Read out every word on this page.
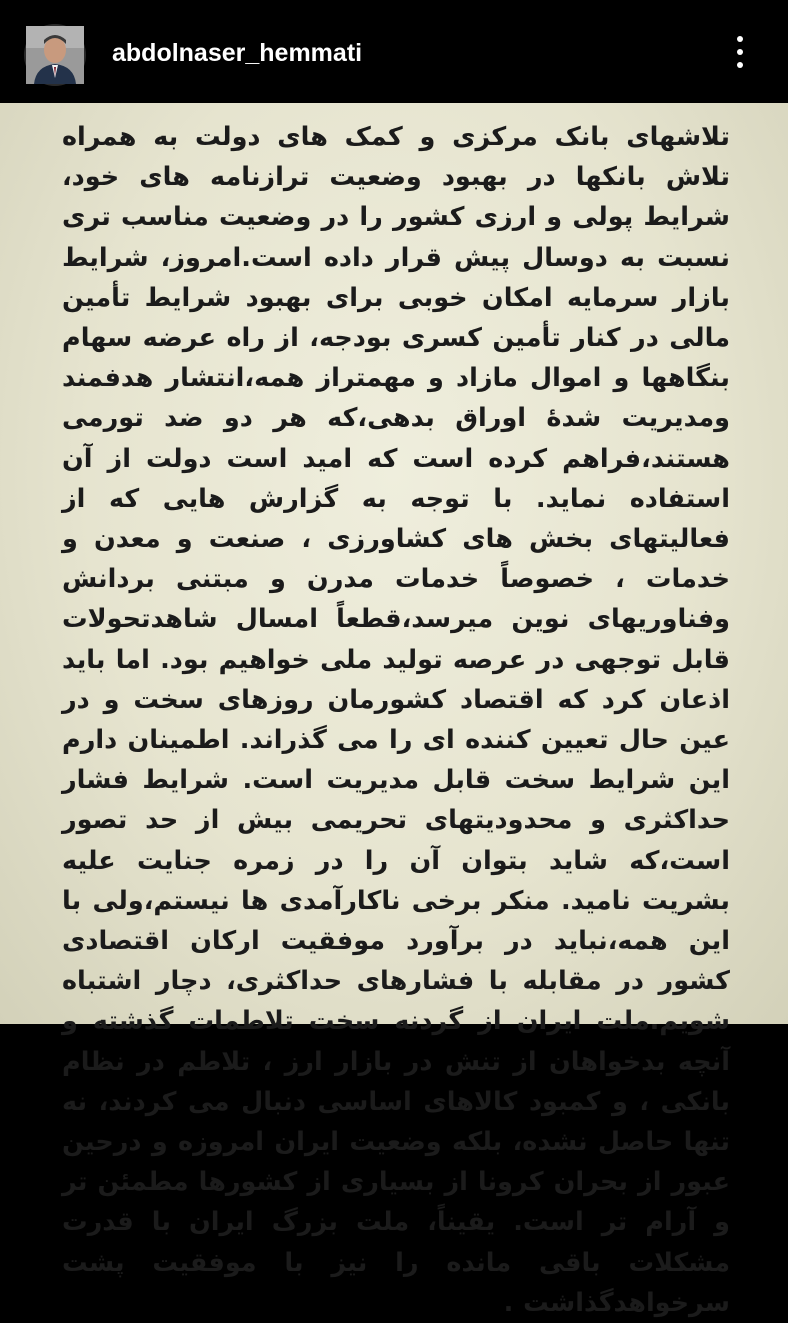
abdolnaser_hemmati

تلاشهای بانک مرکزی و کمک های دولت به همراه تلاش بانکها در بهبود وضعیت ترازنامه های خود، شرایط پولی و ارزی کشور را در وضعیت مناسب تری نسبت به دوسال پیش قرار داده است.امروز، شرایط بازار سرمایه امکان خوبی برای بهبود شرایط تأمین مالی در کنار تأمین کسری بودجه، از راه عرضه سهام بنگاهها و اموال مازاد و مهمتراز همه،انتشار هدفمند ومدیریت شدهٔ اوراق بدهی،که هر دو ضد تورمی هستند،فراهم کرده است که امید است دولت از آن استفاده نماید. با توجه به گزارش هایی که از فعالیتهای بخش های کشاورزی ، صنعت و معدن و خدمات ، خصوصاً خدمات مدرن و مبتنی بردانش وفناوریهای نوین میرسد،قطعاً امسال شاهدتحولات قابل توجهی در عرصه تولید ملی خواهیم بود. اما باید اذعان کرد که اقتصاد کشورمان روزهای سخت و در عین حال تعیین کننده ای را می گذراند. اطمینان دارم این شرایط سخت قابل مدیریت است. شرایط فشار حداکثری و محدودیتهای تحریمی بیش از حد تصور است،که شاید بتوان آن را در زمره جنایت علیه بشریت نامید. منکر برخی ناکارآمدی ها نیستم،ولی با این همه،نباید در برآورد موفقیت ارکان اقتصادی کشور در مقابله با فشارهای حداکثری، دچار اشتباه شویم.ملت ایران از گردنه سخت تلاطمات گذشته و آنچه بدخواهان از تنش در بازار ارز ، تلاطم در نظام بانکی ، و کمبود کالاهای اساسی دنبال می کردند، نه تنها حاصل نشده، بلکه وضعیت ایران امروزه و درحین عبور از بحران کرونا از بسیاری از کشورها مطمئن تر و آرام تر است. یقیناً، ملت بزرگ ایران با قدرت مشکلات باقی مانده را نیز با موفقیت پشت سرخواهدگذاشت .
